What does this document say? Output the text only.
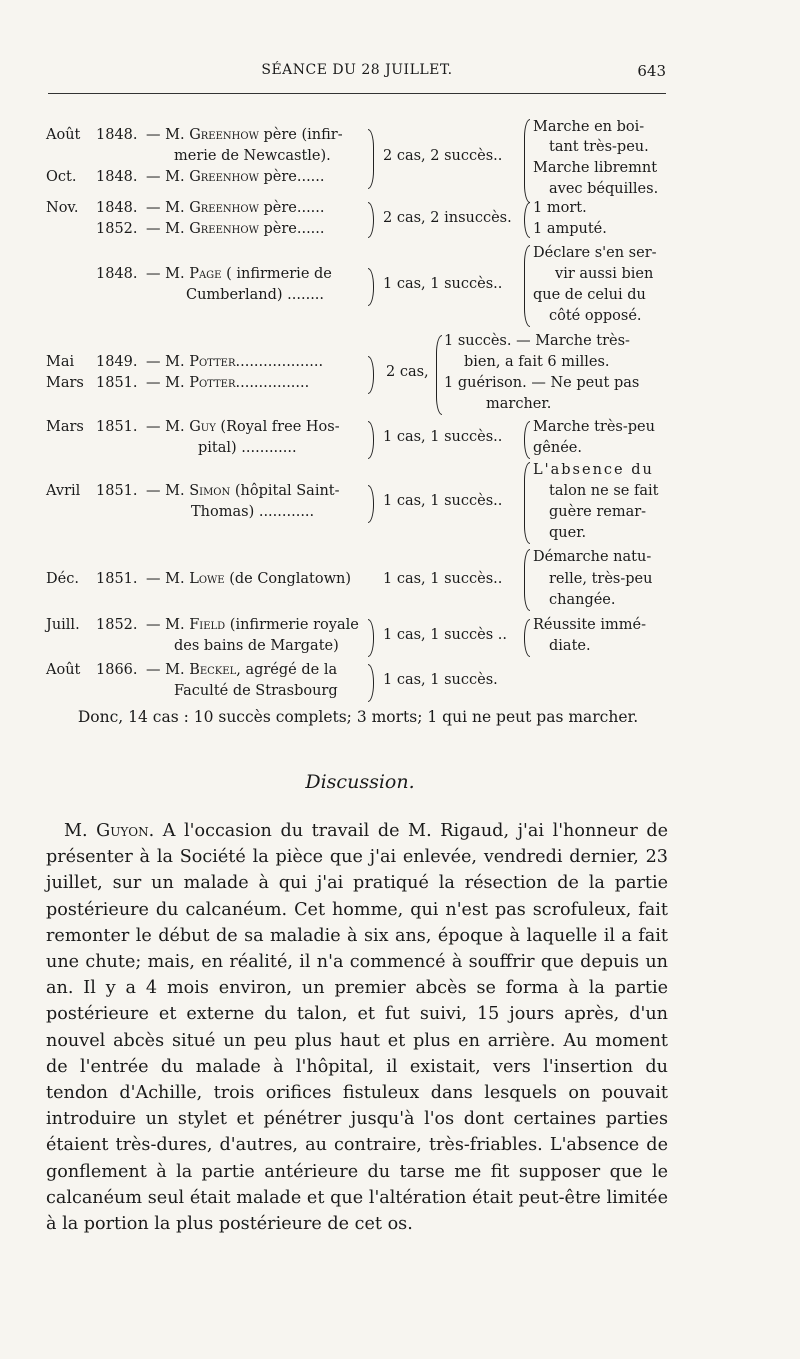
SÉANCE DU 28 JUILLET.	643
Août 1848. — M. Greenhow père (infir-
merie de Newcastle).
Oct. 1848. — M. Greenhow père......
2 cas, 2 succès..
Marche en boi-
tant très-peu.
Marche libremnt
avec béquilles.
Nov. 1848. — M. Greenhow père......
1852. — M. Greenhow père......
2 cas, 2 insuccès.
1 mort.
1 amputé.
1848. — M. Page ( infirmerie de
Cumberland) ........
1 cas, 1 succès..
Déclare s'en ser-
vir aussi bien
que de celui du
côté opposé.
Mai 1849. — M. Potter...................
Mars 1851. — M. Potter................
2 cas,
1 succès. — Marche très-
bien, a fait 6 milles.
1 guérison. — Ne peut pas
marcher.
Mars 1851. — M. Guy (Royal free Hos-
pital) ............
1 cas, 1 succès..
Marche très-peu
gênée.
Avril 1851. — M. Simon (hôpital Saint-
Thomas) ............
1 cas, 1 succès..
L'absence du
talon ne se fait
guère remar-
quer.
Déc. 1851. — M. Lowe (de Conglatown) 1 cas, 1 succès..
Démarche natu-
relle, très-peu
changée.
Juill. 1852. — M. Field (infirmerie royale
des bains de Margate)
1 cas, 1 succès ..
Réussite immé-
diate.
Août 1866. — M. Beckel, agrégé de la
Faculté de Strasbourg
1 cas, 1 succès.
Donc, 14 cas : 10 succès complets; 3 morts; 1 qui ne peut pas marcher.
Discussion.

M. Guyon. A l'occasion du travail de M. Rigaud, j'ai l'honneur de présenter à la Société la pièce que j'ai enlevée, vendredi dernier, 23 juillet, sur un malade à qui j'ai pratiqué la résection de la partie postérieure du calcanéum. Cet homme, qui n'est pas scrofuleux, fait remonter le début de sa maladie à six ans, époque à laquelle il a fait une chute; mais, en réalité, il n'a commencé à souffrir que depuis un an. Il y a 4 mois environ, un premier abcès se forma à la partie postérieure et externe du talon, et fut suivi, 15 jours après, d'un nouvel abcès situé un peu plus haut et plus en arrière. Au moment de l'entrée du malade à l'hôpital, il existait, vers l'insertion du tendon d'Achille, trois orifices fistuleux dans lesquels on pouvait introduire un stylet et pénétrer jusqu'à l'os dont certaines parties étaient très-dures, d'autres, au contraire, très-friables. L'absence de gonflement à la partie antérieure du tarse me fit supposer que le calcanéum seul était malade et que l'altération était peut-être limitée à la portion la plus postérieure de cet os.
